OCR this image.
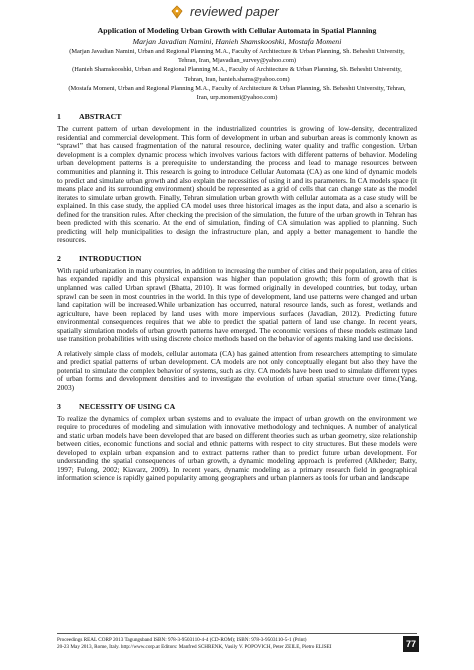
reviewed paper
Application of Modeling Urban Growth with Cellular Automata in Spatial Planning
Marjan Javadian Namini, Hanieh Shamskooshki, Mostafa Momeni
(Marjan Javadian Namini, Urban and Regional Planning M.A., Faculty of Architecture & Urban Planning, Sh. Beheshti University,
Tehran, Iran, Mjavadian_survey@yahoo.com)
(Hanieh Shamskooshki, Urban and Regional Planning M.A., Faculty of Architecture & Urban Planning, Sh. Beheshti University,
Tehran, Iran, hanieh.shams@yahoo.com)
(Mostafa Momeni, Urban and Regional Planning M.A., Faculty of Architecture & Urban Planning, Sh. Beheshti University, Tehran,
Iran, urp.momeni@yahoo.com)
1	ABSTRACT

The current pattern of urban development in the industrialized countries is growing of low-density, decentralized residential and commercial development. This form of development in urban and suburban areas is commonly known as “sprawl” that has caused fragmentation of the natural resource, declining water quality and traffic congestion. Urban development is a complex dynamic process which involves various factors with different patterns of behavior. Modeling urban development patterns is a prerequisite to understanding the process and lead to manage resources between communities and planning it. This research is going to introduce Cellular Automata (CA) as one kind of dynamic models to predict and simulate urban growth and also explain the necessities of using it and its parameters. In CA models space (it means place and its surrounding environment) should be represented as a grid of cells that can change state as the model iterates to simulate urban growth. Finally, Tehran simulation urban growth with cellular automata as a case study will be explained. In this case study, the applied CA model uses three historical images as the input data, and also a scenario is defined for the transition rules. After checking the precision of the simulation, the future of the urban growth in Tehran has been predicted with this scenario. At the end of simulation, finding of CA simulation was applied to planning. Such predicting will help municipalities to design the infrastructure plan, and apply a better management to handle the resources.

2	INTRODUCTION

With rapid urbanization in many countries, in addition to increasing the number of cities and their population, area of cities has expanded rapidly and this physical expansion was higher than population growth; this form of growth that is unplanned was called Urban sprawl (Bhatta, 2010). It was formed originally in developed countries, but today, urban sprawl can be seen in most countries in the world. In this type of development, land use patterns were changed and urban land capitation will be increased.While urbanization has occurred, natural resource lands, such as forest, wetlands and agriculture, have been replaced by land uses with more impervious surfaces (Javadian, 2012). Predicting future environmental consequences requires that we able to predict the spatial pattern of land use change. In recent years, spatially simulation models of urban growth patterns have emerged. The economic versions of these models estimate land use transition probabilities with using discrete choice methods based on the behavior of agents making land use decisions.

A relatively simple class of models, cellular automata (CA) has gained attention from researchers attempting to simulate and predict spatial patterns of urban development. CA models are not only conceptually elegant but also they have the potential to simulate the complex behavior of systems, such as city. CA models have been used to simulate different types of urban forms and development densities and to investigate the evolution of urban spatial structure over time.(Yang, 2003)

3	NECESSITY OF USING CA

To realize the dynamics of complex urban systems and to evaluate the impact of urban growth on the environment we require to procedures of modeling and simulation with innovative methodology and techniques. A number of analytical and static urban models have been developed that are based on different theories such as urban geometry, size relationship between cities, economic functions and social and ethnic patterns with respect to city structures. But these models were developed to explain urban expansion and to extract patterns rather than to predict future urban development. For understanding the spatial consequences of urban growth, a dynamic modeling approach is preferred (Alkheder; Batty, 1997; Fulong, 2002; Kiavarz, 2009). In recent years, dynamic modeling as a primary research field in geographical information science is rapidly gained popularity among geographers and urban planners as tools for urban and landscape

Proceedings REAL CORP 2013 Tagungsband ISBN: 978-3-9503110-4-4 (CD-ROM); ISBN: 978-3-9503110-5-1 (Print)
20-23 May 2013, Rome, Italy. http://www.corp.at Editors: Manfred SCHRENK, Vasily V. POPOVICH, Peter ZEILE, Pietro ELISEI	77
